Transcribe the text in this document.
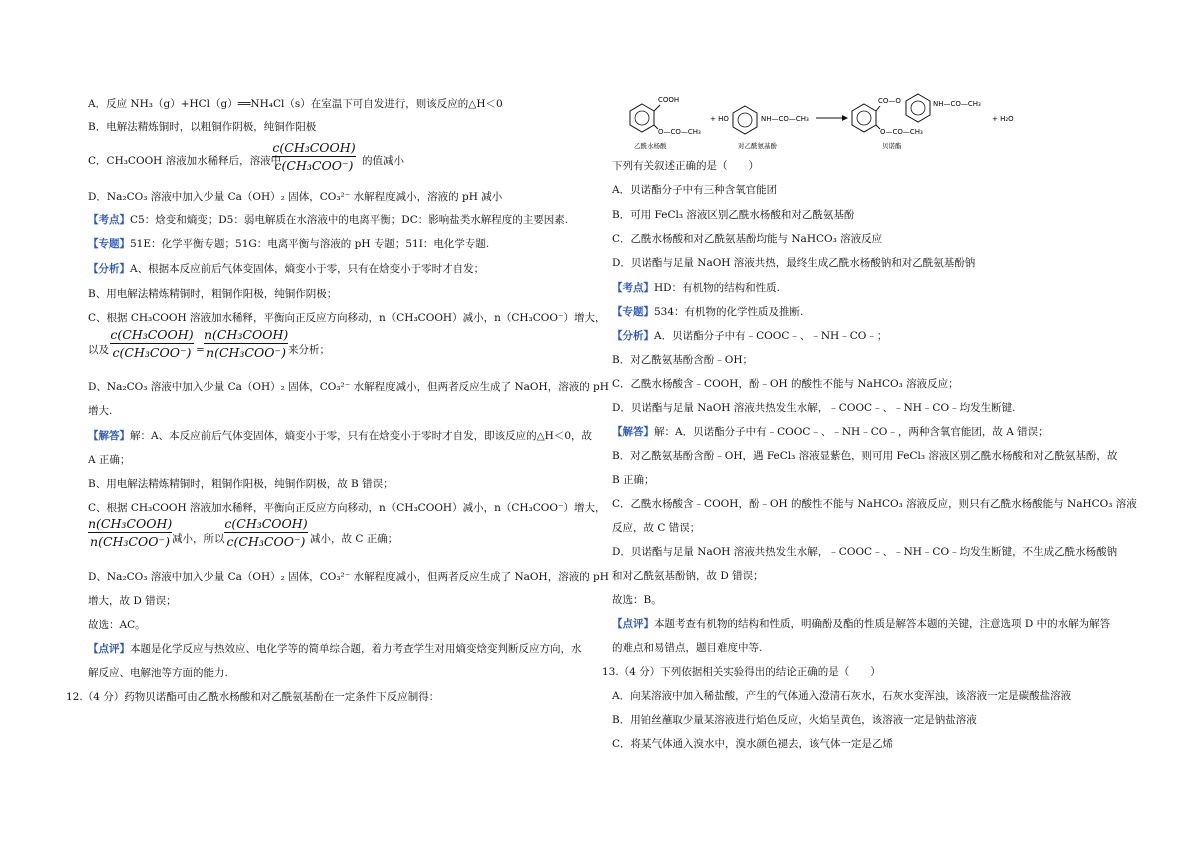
A．反应 NH₃（g）+HCl（g）══NH₄Cl（s）在室温下可自发进行，则该反应的△H＜0
B．电解法精炼铜时，以粗铜作阴极，纯铜作阳极
C．CH₃COOH 溶液加水稀释后，溶液中
c(CH₃COOH)
c(CH₃COO⁻) 的值减小
D．Na₂CO₃ 溶液中加入少量 Ca（OH）₂ 固体，CO₃²⁻ 水解程度减小，溶液的 pH 减小
【考点】C5：焓变和熵变；D5：弱电解质在水溶液中的电离平衡；DC：影响盐类水解程度的主要因素.
【专题】51E：化学平衡专题；51G：电离平衡与溶液的 pH 专题；51I：电化学专题.
【分析】A、根据本反应前后气体变固体，熵变小于零，只有在焓变小于零时才自发；
B、用电解法精炼精铜时，粗铜作阳极，纯铜作阴极；
C、根据 CH₃COOH 溶液加水稀释，平衡向正反应方向移动，n（CH₃COOH）减小，n（CH₃COO⁻）增大，
以及
c(CH₃COOH)
c(CH₃COO⁻) =
n(CH₃COOH)
n(CH₃COO⁻) 来分析；
D、Na₂CO₃ 溶液中加入少量 Ca（OH）₂ 固体，CO₃²⁻ 水解程度减小，但两者反应生成了 NaOH，溶液的 pH
增大.
【解答】解：A、本反应前后气体变固体，熵变小于零，只有在焓变小于零时才自发，即该反应的△H＜0，故
A 正确；
B、用电解法精炼精铜时，粗铜作阳极，纯铜作阴极，故 B 错误；
C、根据 CH₃COOH 溶液加水稀释，平衡向正反应方向移动，n（CH₃COOH）减小，n（CH₃COO⁻）增大，
n(CH₃COOH)
n(CH₃COO⁻) 减小，所以
c(CH₃COOH)
c(CH₃COO⁻) 减小，故 C 正确；
D、Na₂CO₃ 溶液中加入少量 Ca（OH）₂ 固体，CO₃²⁻ 水解程度减小，但两者反应生成了 NaOH，溶液的 pH
增大，故 D 错误；
故选：AC。
【点评】本题是化学反应与热效应、电化学等的简单综合题，着力考查学生对用熵变焓变判断反应方向，水
解反应、电解池等方面的能力.
12.（4 分）药物贝诺酯可由乙酰水杨酸和对乙酰氨基酚在一定条件下反应制得：
COOH
O—CO—CH₃
乙酰水杨酸
+ HO	NH—CO—CH₃
对乙酰氨基酚
CO—O	NH—CO—CH₃
O—CO—CH₃
+ H₂O
贝诺酯
下列有关叙述正确的是（　　）
A．贝诺酯分子中有三种含氧官能团
B．可用 FeCl₃ 溶液区别乙酰水杨酸和对乙酰氨基酚
C．乙酰水杨酸和对乙酰氨基酚均能与 NaHCO₃ 溶液反应
D．贝诺酯与足量 NaOH 溶液共热，最终生成乙酰水杨酸钠和对乙酰氨基酚钠
【考点】HD：有机物的结构和性质.
【专题】534：有机物的化学性质及推断.
【分析】A．贝诺酯分子中有﹣COOC﹣、﹣NH﹣CO﹣；
B．对乙酰氨基酚含酚﹣OH；
C．乙酰水杨酸含﹣COOH，酚﹣OH 的酸性不能与 NaHCO₃ 溶液反应；
D．贝诺酯与足量 NaOH 溶液共热发生水解，﹣COOC﹣、﹣NH﹣CO﹣均发生断键.
【解答】解：A．贝诺酯分子中有﹣COOC﹣、﹣NH﹣CO﹣，两种含氧官能团，故 A 错误；
B．对乙酰氨基酚含酚﹣OH，遇 FeCl₃ 溶液显紫色，则可用 FeCl₃ 溶液区别乙酰水杨酸和对乙酰氨基酚，故
B 正确；
C．乙酰水杨酸含﹣COOH，酚﹣OH 的酸性不能与 NaHCO₃ 溶液反应，则只有乙酰水杨酸能与 NaHCO₃ 溶液
反应，故 C 错误；
D．贝诺酯与足量 NaOH 溶液共热发生水解，﹣COOC﹣、﹣NH﹣CO﹣均发生断键，不生成乙酰水杨酸钠
和对乙酰氨基酚钠，故 D 错误；
故选：B。
【点评】本题考查有机物的结构和性质，明确酚及酯的性质是解答本题的关键，注意选项 D 中的水解为解答
的难点和易错点，题目难度中等.
13.（4 分）下列依据相关实验得出的结论正确的是（　　）
A．向某溶液中加入稀盐酸，产生的气体通入澄清石灰水，石灰水变浑浊，该溶液一定是碳酸盐溶液
B．用铂丝蘸取少量某溶液进行焰色反应，火焰呈黄色，该溶液一定是钠盐溶液
C．将某气体通入溴水中，溴水颜色褪去，该气体一定是乙烯
